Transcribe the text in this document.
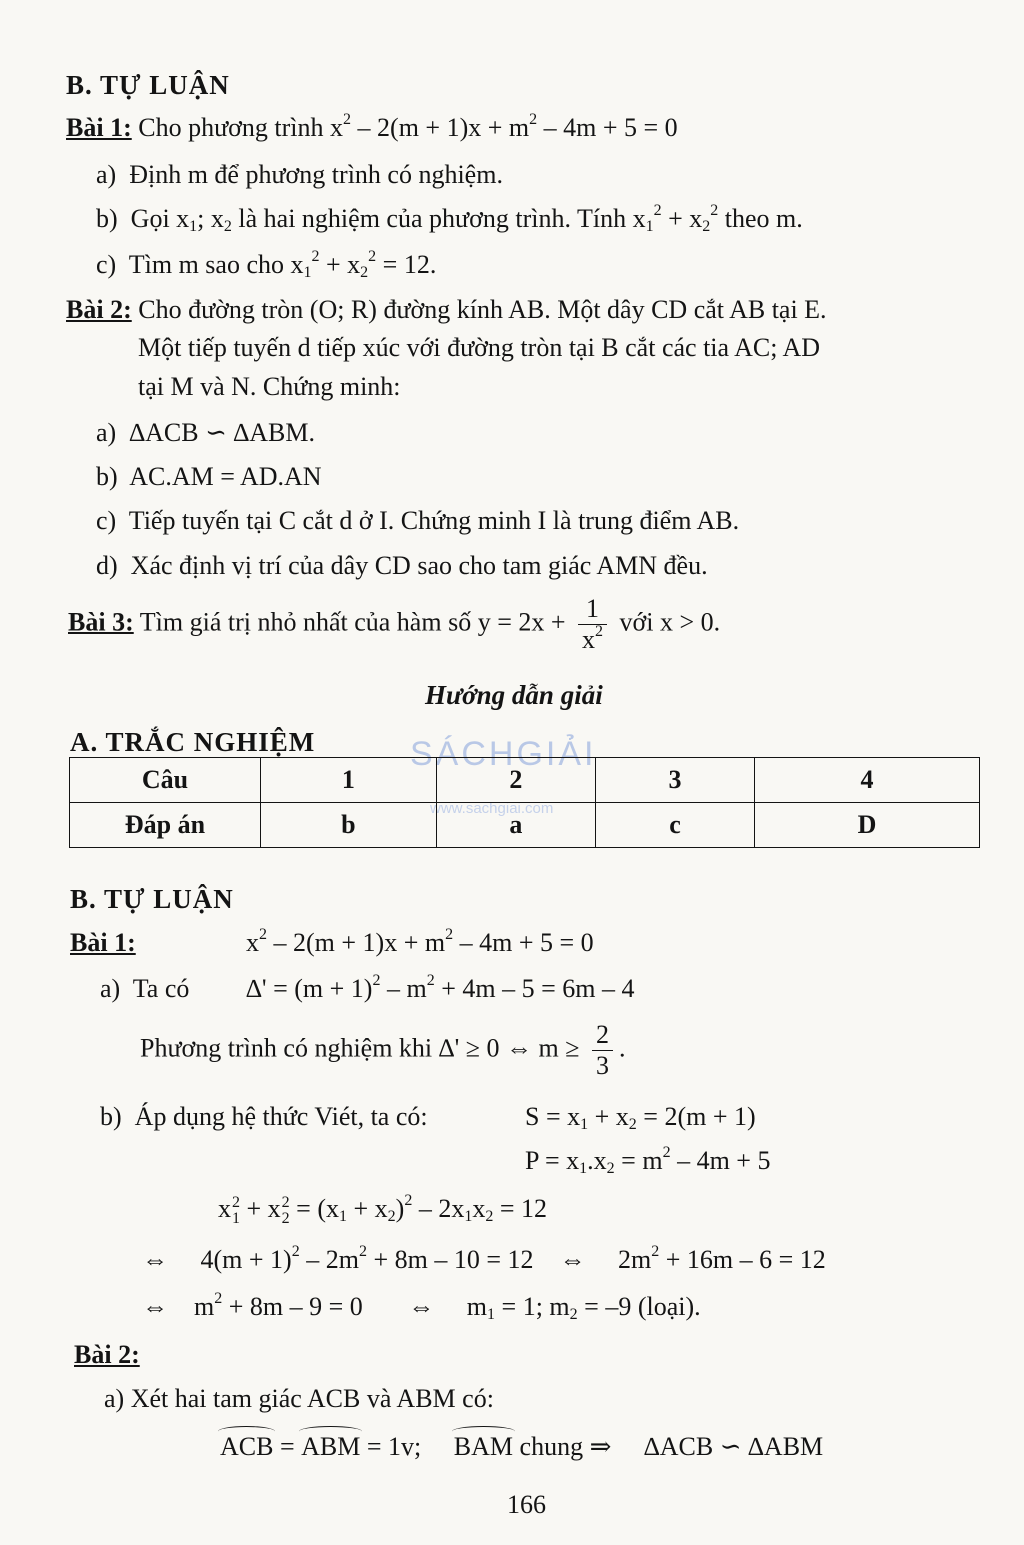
B. TỰ LUẬN
Bài 1: Cho phương trình $x^2 - 2(m + 1)x + m^2 - 4m + 5 = 0$
a)  Định m để phương trình có nghiệm.
b)  Gọi $x_1$; $x_2$ là hai nghiệm của phương trình. Tính $x_1^2 + x_2^2$ theo m.
c)  Tìm m sao cho $x_1^2 + x_2^2 = 12$.
Bài 2: Cho đường tròn (O; R) đường kính AB. Một dây CD cắt AB tại E.
Một tiếp tuyến d tiếp xúc với đường tròn tại B cắt các tia AC; AD
tại M và N. Chứng minh:
a)  ∆ACB ∽ ∆ABM.
b)  AC.AM = AD.AN
c)  Tiếp tuyến tại C cắt d ở I. Chứng minh I là trung điểm AB.
d)  Xác định vị trí của dây CD sao cho tam giác AMN đều.
Bài 3: Tìm giá trị nhỏ nhất của hàm số $y = 2x + \frac{1}{x^2}$ với x > 0.
Hướng dẫn giải
A. TRẮC NGHIỆM	SÁCHGIẢI
www.sachgiai.com
Câu	1	2	3	4
Đáp án	b	a	c	D
B. TỰ LUẬN
Bài 1:	$x^2 - 2(m + 1)x + m^2 - 4m + 5 = 0$
a) Ta có ∆' = $(m + 1)^2 - m^2 + 4m - 5 = 6m - 4$
Phương trình có nghiệm khi ∆' ≥ 0 ⇔ $m \ge \frac{2}{3}$ .
b) Áp dụng hệ thức Viét, ta có:	$S = x_1 + x_2 = 2(m + 1)$
$P = x_1.x_2 = m^2 - 4m + 5$
x 2
1 + x 2
$2 = (x_1 + x_2)^2 - 2x_1x_2 = 12$
⇔     $4(m + 1)^2 - 2m^2 + 8m - 10 = 12$    ⇔     $2m^2 + 16m - 6 = 12$
⇔    $m^2 + 8m - 9 = 0$       ⇔     $m_1 = 1$; $m_2 = -9$ (loại).
Bài 2:
a) Xét hai tam giác ACB và ABM có:
ACB = ABM = 1v; BAM chung ⇒ ∆ACB ∽ ∆ABM
166
